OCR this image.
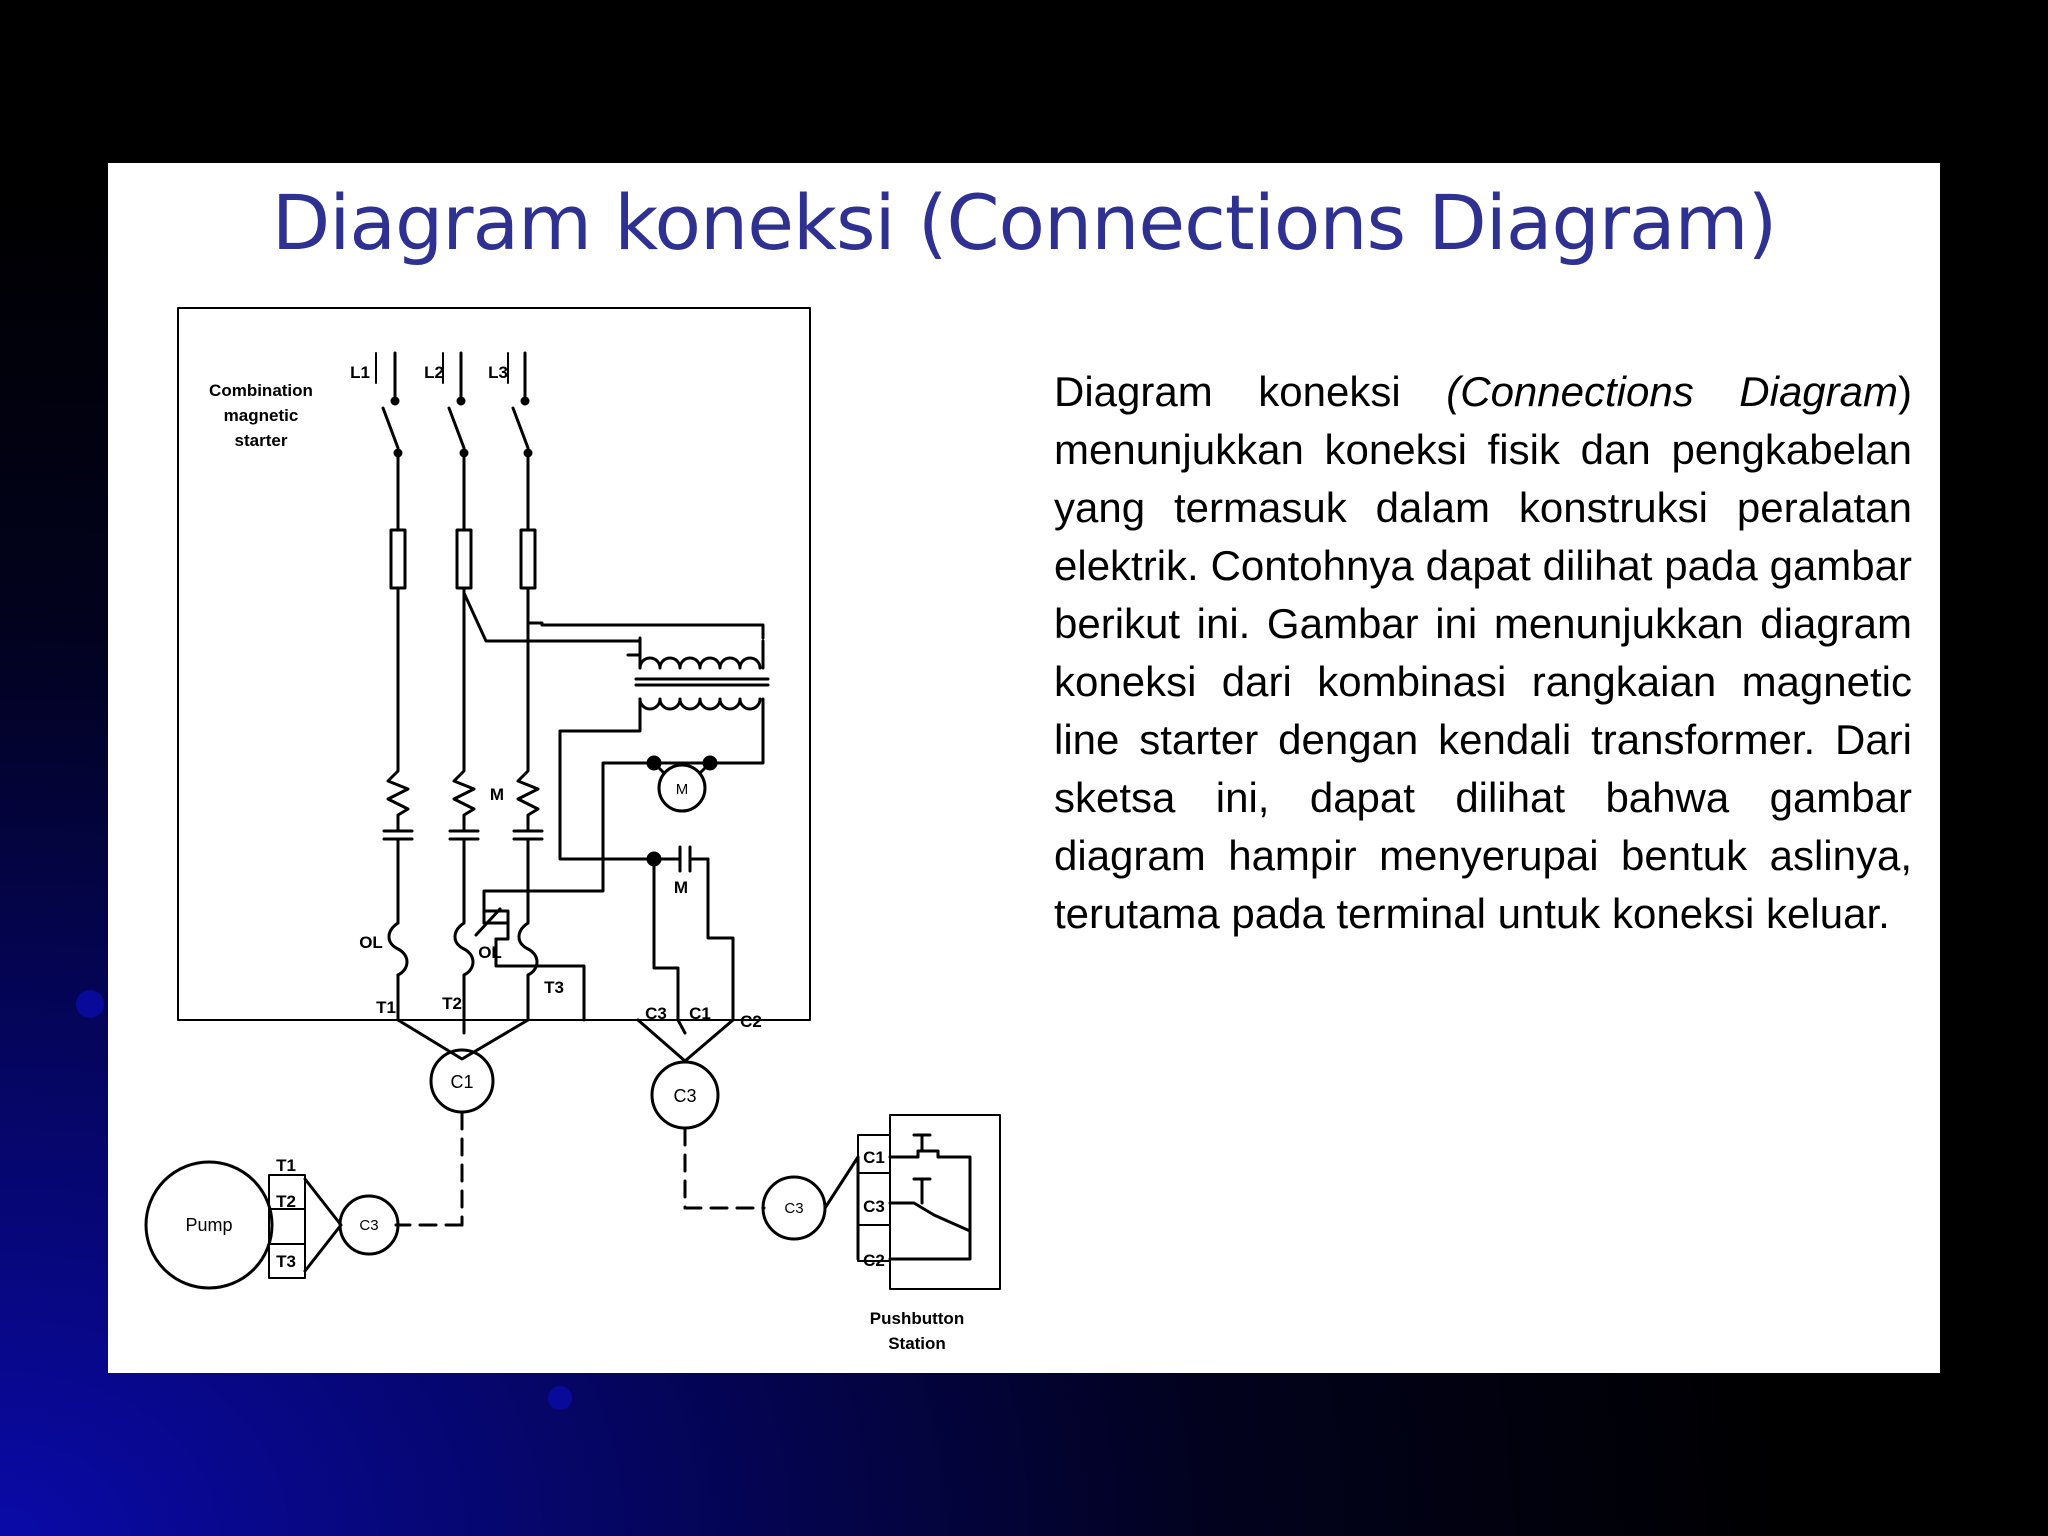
Diagram koneksi (Connections Diagram)
Combination
magnetic
starter
L1	L2	L3
M
M
M
OL
OL
T1	T2
T3
C3 C1 C2
C1
C3
Pump
T1
T2
T3
C3
C3
C1
C3
C2
Pushbutton
Station

Diagram koneksi (Connections Diagram) menunjukkan koneksi fisik dan pengkabelan yang termasuk dalam konstruksi peralatan elektrik. Contohnya dapat dilihat pada gambar berikut ini. Gambar ini menunjukkan diagram koneksi dari kombinasi rangkaian magnetic line starter dengan kendali transformer. Dari sketsa ini, dapat dilihat bahwa gambar diagram hampir menyerupai bentuk aslinya, terutama pada terminal untuk koneksi keluar.
